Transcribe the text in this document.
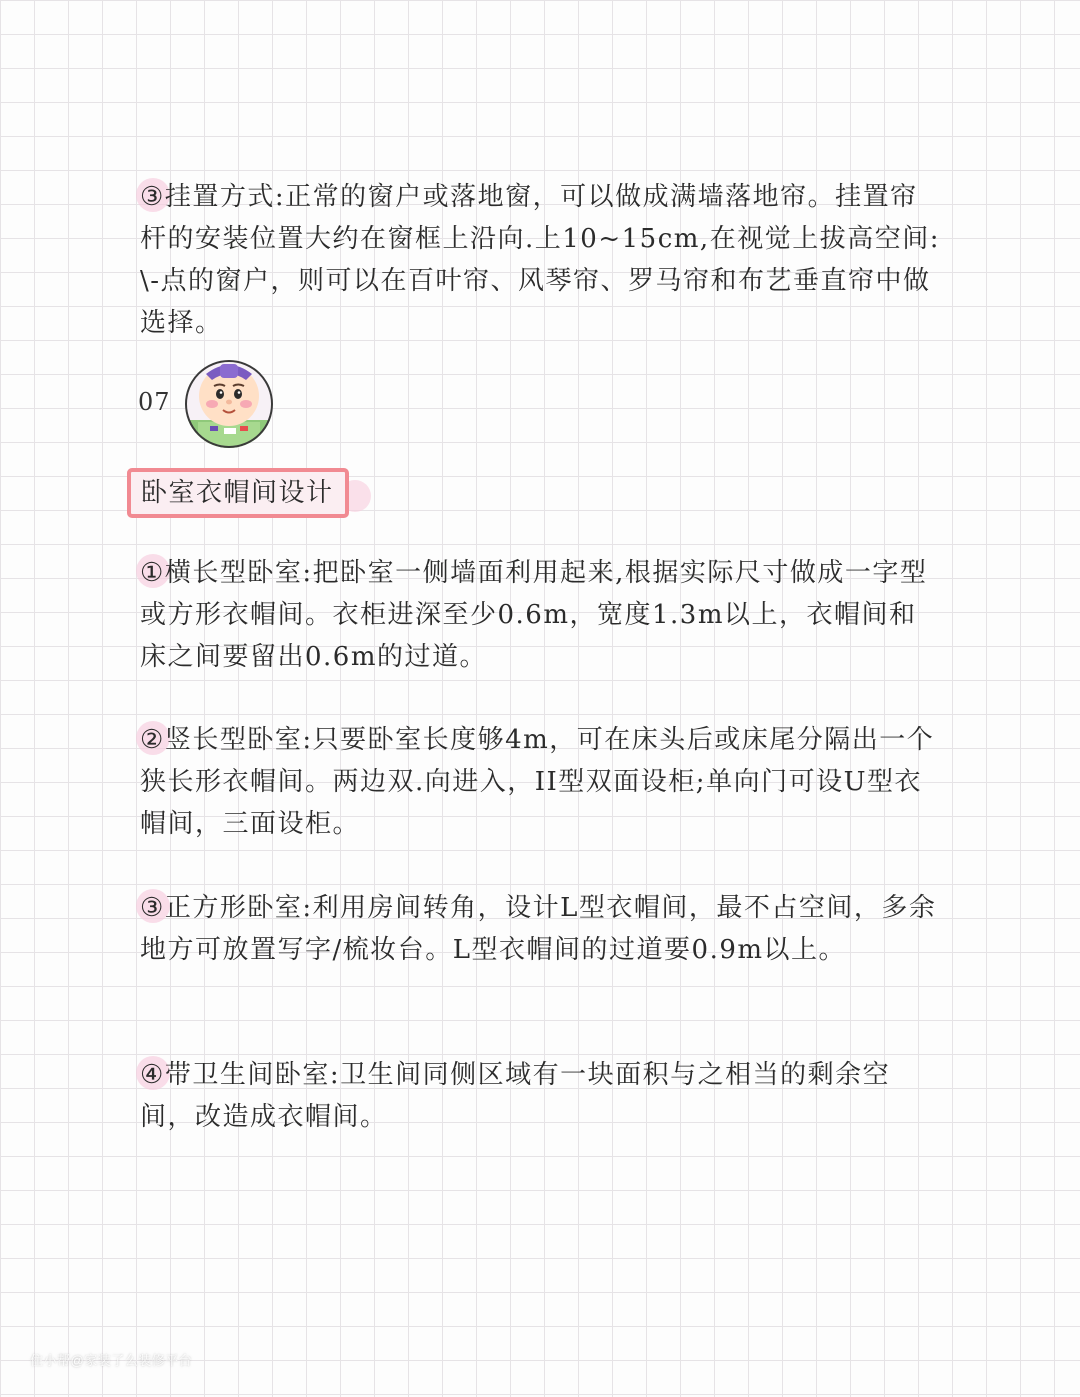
③挂置方式:正常的窗户或落地窗，可以做成满墙落地帘。挂置帘杆的安装位置大约在窗框上沿向.上10~15cm,在视觉上拔高空间: \-点的窗户，则可以在百叶帘、风琴帘、罗马帘和布艺垂直帘中做选择。

07
卧室衣帽间设计

①横长型卧室:把卧室一侧墙面利用起来,根据实际尺寸做成一字型或方形衣帽间。衣柜进深至少0.6m，宽度1.3m以上，衣帽间和床之间要留出0.6m的过道。

②竖长型卧室:只要卧室长度够4m，可在床头后或床尾分隔出一个狭长形衣帽间。两边双.向进入，II型双面设柜;单向门可设U型衣帽间，三面设柜。

③正方形卧室:利用房间转角，设计L型衣帽间，最不占空间，多余地方可放置写字/梳妆台。L型衣帽间的过道要0.9m以上。

④带卫生间卧室:卫生间同侧区域有一块面积与之相当的剩余空间，改造成衣帽间。

住小帮@家装了么装修平台
